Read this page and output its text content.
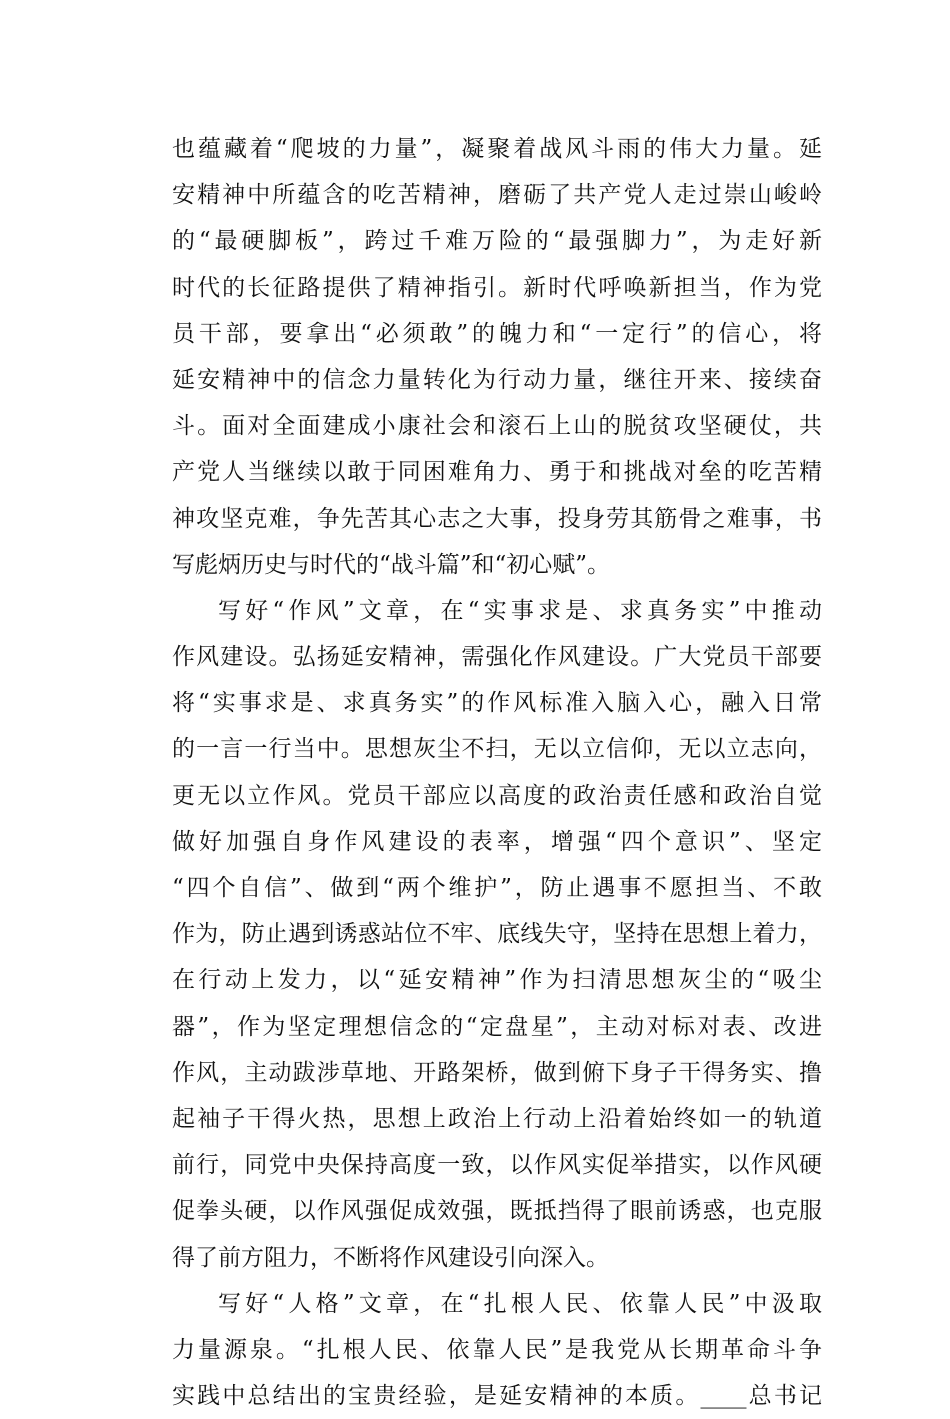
也蕴藏着“爬坡的力量”，凝聚着战风斗雨的伟大力量。延
安精神中所蕴含的吃苦精神，磨砺了共产党人走过崇山峻岭
的“最硬脚板”，跨过千难万险的“最强脚力”，为走好新
时代的长征路提供了精神指引。新时代呼唤新担当，作为党
员干部，要拿出“必须敢”的魄力和“一定行”的信心，将
延安精神中的信念力量转化为行动力量，继往开来、接续奋
斗。面对全面建成小康社会和滚石上山的脱贫攻坚硬仗，共
产党人当继续以敢于同困难角力、勇于和挑战对垒的吃苦精
神攻坚克难，争先苦其心志之大事，投身劳其筋骨之难事，书
写彪炳历史与时代的“战斗篇”和“初心赋”。
写好“作风”文章，在“实事求是、求真务实”中推动
作风建设。弘扬延安精神，需强化作风建设。广大党员干部要
将“实事求是、求真务实”的作风标准入脑入心，融入日常
的一言一行当中。思想灰尘不扫，无以立信仰，无以立志向，
更无以立作风。党员干部应以高度的政治责任感和政治自觉
做好加强自身作风建设的表率，增强“四个意识”、坚定
“四个自信”、做到“两个维护”，防止遇事不愿担当、不敢
作为，防止遇到诱惑站位不牢、底线失守，坚持在思想上着力，
在行动上发力，以“延安精神”作为扫清思想灰尘的“吸尘
器”，作为坚定理想信念的“定盘星”，主动对标对表、改进
作风，主动跋涉草地、开路架桥，做到俯下身子干得务实、撸
起袖子干得火热，思想上政治上行动上沿着始终如一的轨道
前行，同党中央保持高度一致，以作风实促举措实，以作风硬
促拳头硬，以作风强促成效强，既抵挡得了眼前诱惑，也克服
得了前方阻力，不断将作风建设引向深入。
写好“人格”文章，在“扎根人民、依靠人民”中汲取
力量源泉。“扎根人民、依靠人民”是我党从长期革命斗争
实践中总结出的宝贵经验，是延安精神的本质。____总书记
